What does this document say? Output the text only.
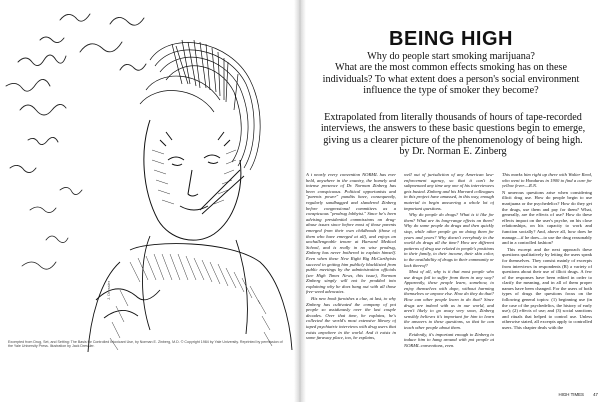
J. Dressler
Excerpted from Drug, Set, and Setting: The Basis for Controlled Intoxicant Use, by Norman E. Zinberg, M.D. © Copyright 1984 by Yale University. Reprinted by permission of the Yale University Press. Illustration by Jack Dressler.
BEING HIGH
Why do people start smoking marijuana?
What are the most common effects smoking has on these
individuals? To what extent does a person's social environment
influence the type of smoker they become?
Extrapolated from literally thousands of hours of tape-recorded
interviews, the answers to these basic questions begin to emerge,
giving us a clearer picture of the phenomenology of being high.
by Dr. Norman E. Zinberg

A t nearly every convention NORML has ever held, anywhere in the country, the homely and intense presence of Dr. Norman Zinberg has been conspicuous. Political opportunists and "parents power" pundits have, consequently, regularly sandbagged and slandered Zinberg before congressional committees as a conspicuous "prodrug lobbyist." Since he's been advising presidential commissions on drug-abuse issues since before most of those parents emerged from their own childhoods (those of them who have emerged at all), and enjoys an unchallengeable tenure at Harvard Medical School, and is really in no wise prodrug, Zinberg has never bothered to explain himself. Even when these New Right Big McCarthyists succeed in getting him publicly blacklisted from public meetings by the administration officials (see High Times News, this issue), Norman Zinberg simply will not be prodded into explaining why he does hang out with all those free-weed advocates.

His new book furnishes a clue, at last, to why Zinberg has cultivated the company of pot people so assiduously over the last couple decades. Over that time, he explains, he's collected the world's most extensive library of taped psychiatric interviews with drug users that exists anywhere in the world. And it exists in some faraway place, too, he explains,

well out of jurisdiction of any American law-enforcement agency, so that it can't be subpoenaed any time any one of his interviewees gets busted. Zinberg and his Harvard colleagues in this project have amassed, in this way, enough material to begin answering a whole lot of important questions.

Why do people do drugs? What is it like for them? What are its long-range effects on them? Why do some people do drugs and then quickly stop, while other people go on doing them for years and years? Why doesn't everybody in the world do drugs all the time? How are different patterns of drug use related to people's positions in their family, to their income, their skin color, to the availability of drugs in their community or lack thereof?

Most of all, why is it that most people who use drugs fail to suffer from them in any way? Apparently, these people learn, somehow, to enjoy themselves with dope, without harming themselves or anyone else. How do they do that? How can other people learn to do that? Since drugs are indeed with us in our world, and aren't likely to go away very soon, Zinberg sensibly believes it's important for him to learn the answers to these questions, so that he can teach other people about them.

Evidently, it's important enough to Zinberg to induce him to hang around with pot people at NORML conventions, even.

This marks him right up there with Walter Reed, who went to Honduras in 1900 to find a cure for yellow fever.—R.N.

N umerous questions arise when considering illicit drug use. How do people begin to use marijuana or the psychedelics? How do they get the drugs, use them and pay for them? What, generally, are the effects of use? How do these effects impact on the user's psyche, on his close relationships, on his capacity to work and function socially? And, above all, how does he manage—if he does—to use the drug reasonably and in a controlled fashion?

This excerpt and the next approach these questions qualitatively by letting the users speak for themselves. They consist mainly of excerpts from interviews in respondents (R) a variety of questions about their use of illicit drugs. A few of the responses have been edited in order to clarify the meaning, and in all of them proper names have been changed. For the users of both types of drugs the questions focus on the following general topics: (1) beginning use (in the case of the psychedelics, the history of early use); (2) effects of use; and (3) social sanctions and rituals that helped to control use. Unless otherwise stated, all excerpts apply to controlled users. This chapter deals with the

HIGH TIMES 47
